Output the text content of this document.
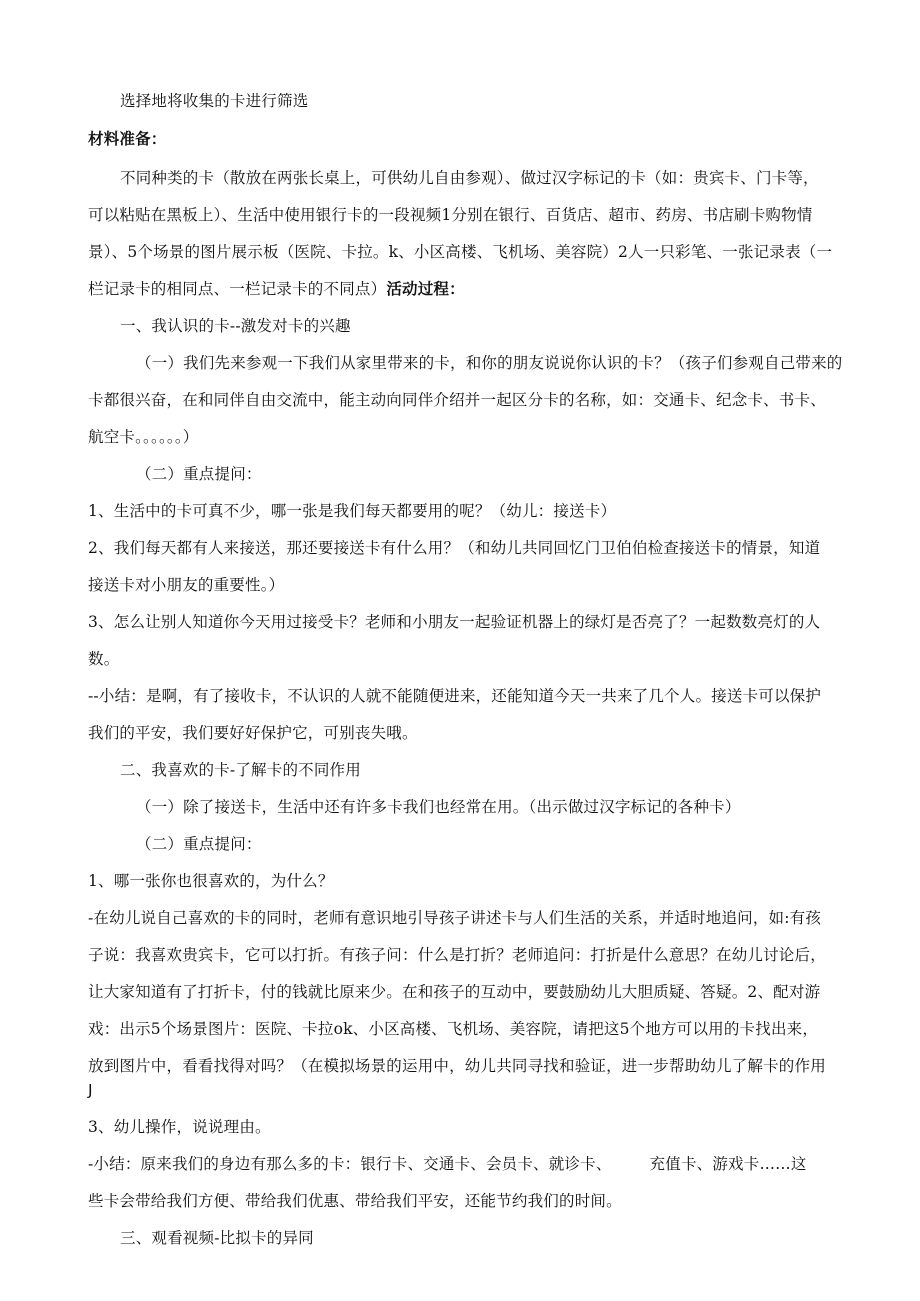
选择地将收集的卡进行筛选
材料准备：
不同种类的卡（散放在两张长桌上，可供幼儿自由参观）、做过汉字标记的卡（如：贵宾卡、门卡等，
可以粘贴在黑板上）、生活中使用银行卡的一段视频1分别在银行、百货店、超市、药房、书店刷卡购物情
景）、5个场景的图片展示板（医院、卡拉。k、小区高楼、飞机场、美容院）2人一只彩笔、一张记录表（一
栏记录卡的相同点、一栏记录卡的不同点）活动过程：
一、我认识的卡--激发对卡的兴趣
（一）我们先来参观一下我们从家里带来的卡，和你的朋友说说你认识的卡？（孩子们参观自己带来的
卡都很兴奋，在和同伴自由交流中，能主动向同伴介绍并一起区分卡的名称，如：交通卡、纪念卡、书卡、
航空卡。。。。。。）
（二）重点提问：
1、生活中的卡可真不少，哪一张是我们每天都要用的呢？（幼儿：接送卡）
2、我们每天都有人来接送，那还要接送卡有什么用？（和幼儿共同回忆门卫伯伯检查接送卡的情景，知道
接送卡对小朋友的重要性。）
3、怎么让别人知道你今天用过接受卡？老师和小朋友一起验证机器上的绿灯是否亮了？一起数数亮灯的人
数。
--小结：是啊，有了接收卡，不认识的人就不能随便进来，还能知道今天一共来了几个人。接送卡可以保护
我们的平安，我们要好好保护它，可别丧失哦。
二、我喜欢的卡-了解卡的不同作用
（一）除了接送卡，生活中还有许多卡我们也经常在用。（出示做过汉字标记的各种卡）
（二）重点提问：
1、哪一张你也很喜欢的，为什么？
-在幼儿说自己喜欢的卡的同时，老师有意识地引导孩子讲述卡与人们生活的关系，并适时地追问，如:有孩
子说：我喜欢贵宾卡，它可以打折。有孩子问：什么是打折？老师追问：打折是什么意思？在幼儿讨论后，
让大家知道有了打折卡，付的钱就比原来少。在和孩子的互动中，要鼓励幼儿大胆质疑、答疑。2、配对游
戏：出示5个场景图片：医院、卡拉ok、小区高楼、飞机场、美容院，请把这5个地方可以用的卡找出来，
放到图片中，看看找得对吗？（在模拟场景的运用中，幼儿共同寻找和验证，进一步帮助幼儿了解卡的作用
J
3、幼儿操作，说说理由。
-小结：原来我们的身边有那么多的卡：银行卡、交通卡、会员卡、就诊卡、 充值卡、游戏卡……这
些卡会带给我们方便、带给我们优惠、带给我们平安，还能节约我们的时间。
三、观看视频-比拟卡的异同
